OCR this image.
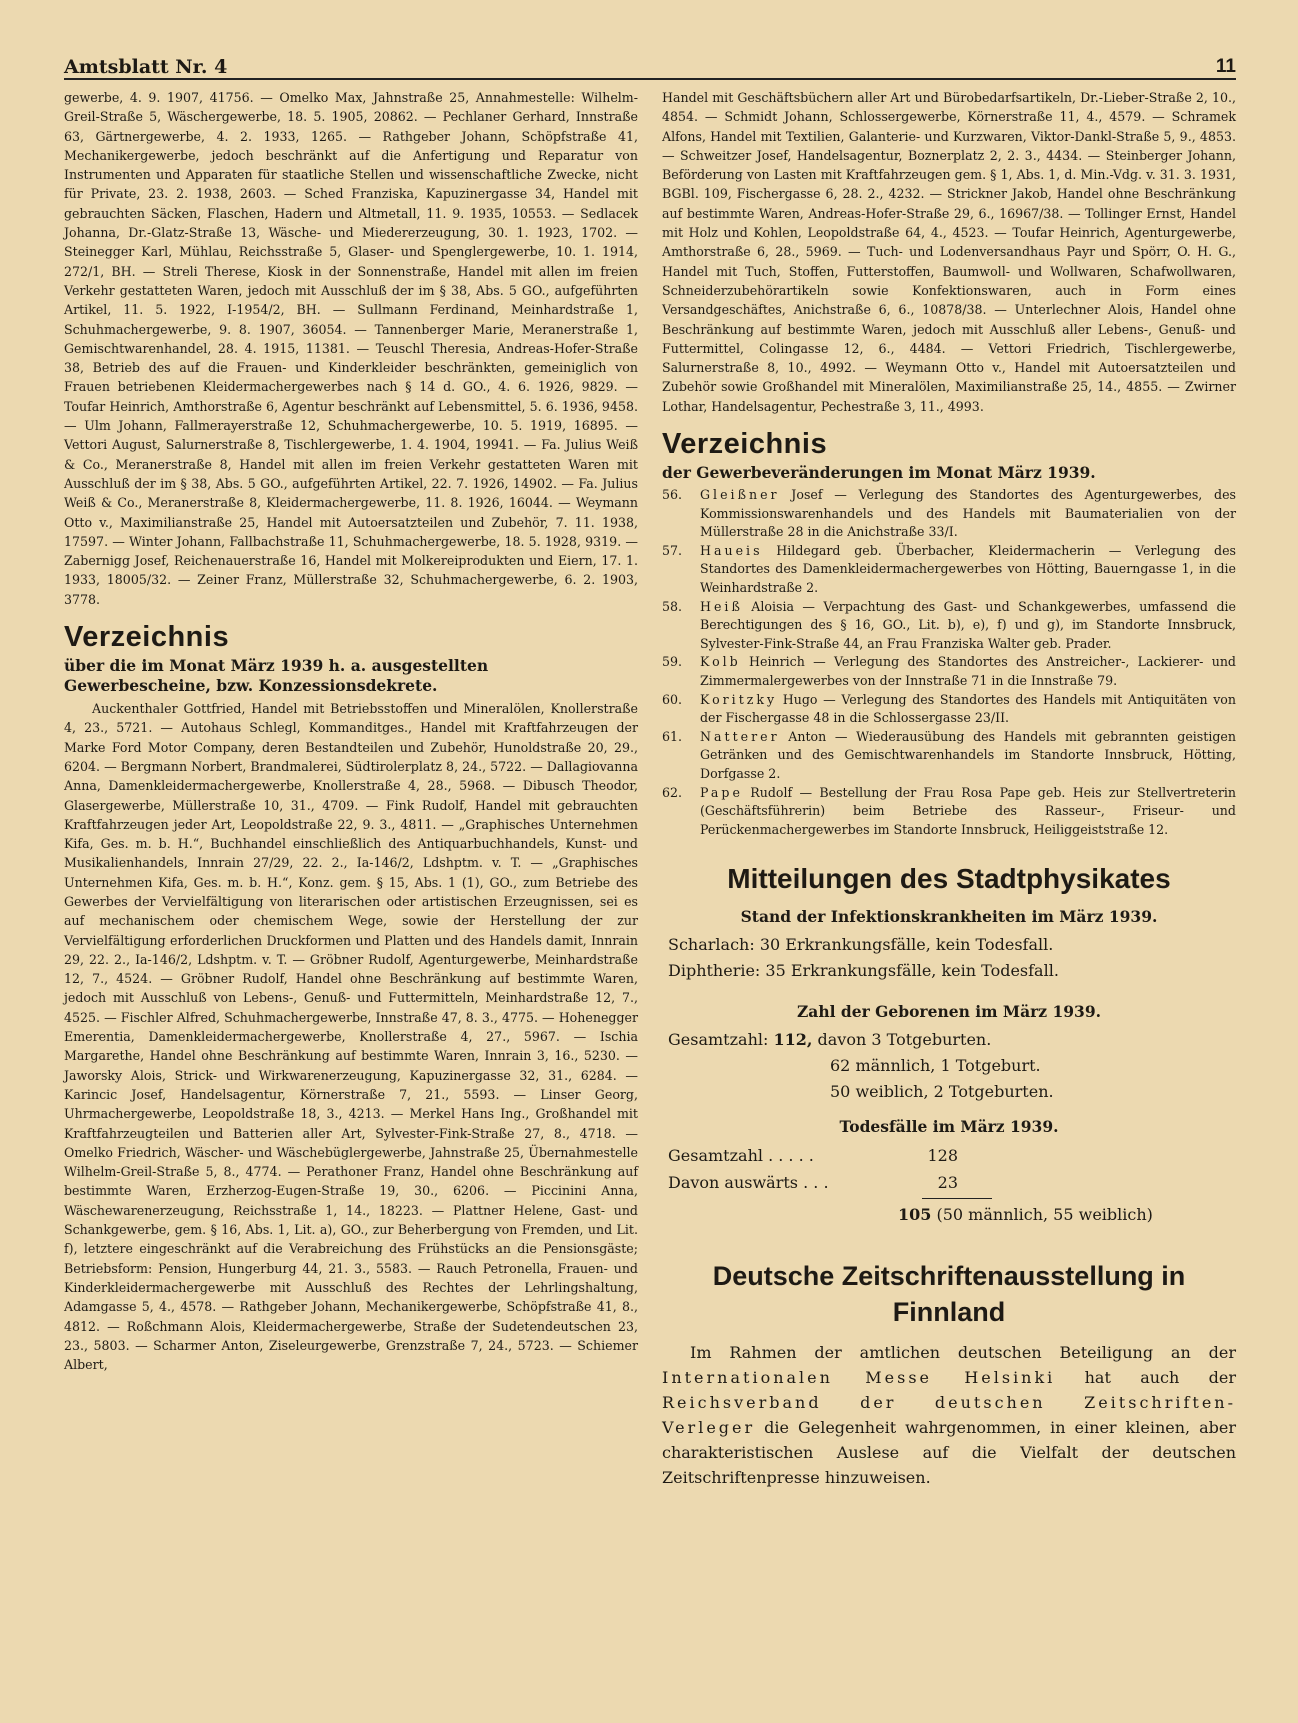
Amtsblatt Nr. 4	11

gewerbe, 4. 9. 1907, 41756. — Omelko Max, Jahnstraße 25, Annahmestelle: Wilhelm-Greil-Straße 5, Wäschergewerbe, 18. 5. 1905, 20862. — Pechlaner Gerhard, Innstraße 63, Gärtnergewerbe, 4. 2. 1933, 1265. — Rathgeber Johann, Schöpfstraße 41, Mechanikergewerbe, jedoch beschränkt auf die Anfertigung und Reparatur von Instrumenten und Apparaten für staatliche Stellen und wissenschaftliche Zwecke, nicht für Private, 23. 2. 1938, 2603. — Sched Franziska, Kapuzinergasse 34, Handel mit gebrauchten Säcken, Flaschen, Hadern und Altmetall, 11. 9. 1935, 10553. — Sedlacek Johanna, Dr.-Glatz-Straße 13, Wäsche- und Miedererzeugung, 30. 1. 1923, 1702. — Steinegger Karl, Mühlau, Reichsstraße 5, Glaser- und Spenglergewerbe, 10. 1. 1914, 272/1, BH. — Streli Therese, Kiosk in der Sonnenstraße, Handel mit allen im freien Verkehr gestatteten Waren, jedoch mit Ausschluß der im § 38, Abs. 5 GO., aufgeführten Artikel, 11. 5. 1922, I-1954/2, BH. — Sullmann Ferdinand, Meinhardstraße 1, Schuhmachergewerbe, 9. 8. 1907, 36054. — Tannenberger Marie, Meranerstraße 1, Gemischtwarenhandel, 28. 4. 1915, 11381. — Teuschl Theresia, Andreas-Hofer-Straße 38, Betrieb des auf die Frauen- und Kinderkleider beschränkten, gemeiniglich von Frauen betriebenen Kleidermachergewerbes nach § 14 d. GO., 4. 6. 1926, 9829. — Toufar Heinrich, Amthorstraße 6, Agentur beschränkt auf Lebensmittel, 5. 6. 1936, 9458. — Ulm Johann, Fallmerayerstraße 12, Schuhmachergewerbe, 10. 5. 1919, 16895. — Vettori August, Salurnerstraße 8, Tischlergewerbe, 1. 4. 1904, 19941. — Fa. Julius Weiß & Co., Meranerstraße 8, Handel mit allen im freien Verkehr gestatteten Waren mit Ausschluß der im § 38, Abs. 5 GO., aufgeführten Artikel, 22. 7. 1926, 14902. — Fa. Julius Weiß & Co., Meranerstraße 8, Kleidermachergewerbe, 11. 8. 1926, 16044. — Weymann Otto v., Maximilianstraße 25, Handel mit Autoersatzteilen und Zubehör, 7. 11. 1938, 17597. — Winter Johann, Fallbachstraße 11, Schuhmachergewerbe, 18. 5. 1928, 9319. — Zabernigg Josef, Reichenauerstraße 16, Handel mit Molkereiprodukten und Eiern, 17. 1. 1933, 18005/32. — Zeiner Franz, Müllerstraße 32, Schuhmachergewerbe, 6. 2. 1903, 3778.

Verzeichnis
über die im Monat März 1939 h. a. ausgestellten Gewerbescheine, bzw. Konzessionsdekrete.

Auckenthaler Gottfried, Handel mit Betriebsstoffen und Mineralölen, Knollerstraße 4, 23., 5721. — Autohaus Schlegl, Kommanditges., Handel mit Kraftfahrzeugen der Marke Ford Motor Company, deren Bestandteilen und Zubehör, Hunoldstraße 20, 29., 6204. — Bergmann Norbert, Brandmalerei, Südtirolerplatz 8, 24., 5722. — Dallagiovanna Anna, Damenkleidermachergewerbe, Knollerstraße 4, 28., 5968. — Dibusch Theodor, Glasergewerbe, Müllerstraße 10, 31., 4709. — Fink Rudolf, Handel mit gebrauchten Kraftfahrzeugen jeder Art, Leopoldstraße 22, 9. 3., 4811. — „Graphisches Unternehmen Kifa, Ges. m. b. H.“, Buchhandel einschließlich des Antiquarbuchhandels, Kunst- und Musikalienhandels, Innrain 27/29, 22. 2., Ia-146/2, Ldshptm. v. T. — „Graphisches Unternehmen Kifa, Ges. m. b. H.“, Konz. gem. § 15, Abs. 1 (1), GO., zum Betriebe des Gewerbes der Vervielfältigung von literarischen oder artistischen Erzeugnissen, sei es auf mechanischem oder chemischem Wege, sowie der Herstellung der zur Vervielfältigung erforderlichen Druckformen und Platten und des Handels damit, Innrain 29, 22. 2., Ia-146/2, Ldshptm. v. T. — Gröbner Rudolf, Agenturgewerbe, Meinhardstraße 12, 7., 4524. — Gröbner Rudolf, Handel ohne Beschränkung auf bestimmte Waren, jedoch mit Ausschluß von Lebens-, Genuß- und Futtermitteln, Meinhardstraße 12, 7., 4525. — Fischler Alfred, Schuhmachergewerbe, Innstraße 47, 8. 3., 4775. — Hohenegger Emerentia, Damenkleidermachergewerbe, Knollerstraße 4, 27., 5967. — Ischia Margarethe, Handel ohne Beschränkung auf bestimmte Waren, Innrain 3, 16., 5230. — Jaworsky Alois, Strick- und Wirkwarenerzeugung, Kapuzinergasse 32, 31., 6284. — Karincic Josef, Handelsagentur, Körnerstraße 7, 21., 5593. — Linser Georg, Uhrmachergewerbe, Leopoldstraße 18, 3., 4213. — Merkel Hans Ing., Großhandel mit Kraftfahrzeugteilen und Batterien aller Art, Sylvester-Fink-Straße 27, 8., 4718. — Omelko Friedrich, Wäscher- und Wäschebüglergewerbe, Jahnstraße 25, Übernahmestelle Wilhelm-Greil-Straße 5, 8., 4774. — Perathoner Franz, Handel ohne Beschränkung auf bestimmte Waren, Erzherzog-Eugen-Straße 19, 30., 6206. — Piccinini Anna, Wäschewarenerzeugung, Reichsstraße 1, 14., 18223. — Plattner Helene, Gast- und Schankgewerbe, gem. § 16, Abs. 1, Lit. a), GO., zur Beherbergung von Fremden, und Lit. f), letztere eingeschränkt auf die Verabreichung des Frühstücks an die Pensionsgäste; Betriebsform: Pension, Hungerburg 44, 21. 3., 5583. — Rauch Petronella, Frauen- und Kinderkleidermachergewerbe mit Ausschluß des Rechtes der Lehrlingshaltung, Adamgasse 5, 4., 4578. — Rathgeber Johann, Mechanikergewerbe, Schöpfstraße 41, 8., 4812. — Roßchmann Alois, Kleidermachergewerbe, Straße der Sudetendeutschen 23, 23., 5803. — Scharmer Anton, Ziseleurgewerbe, Grenzstraße 7, 24., 5723. — Schiemer Albert,

Handel mit Geschäftsbüchern aller Art und Bürobedarfsartikeln, Dr.-Lieber-Straße 2, 10., 4854. — Schmidt Johann, Schlossergewerbe, Körnerstraße 11, 4., 4579. — Schramek Alfons, Handel mit Textilien, Galanterie- und Kurzwaren, Viktor-Dankl-Straße 5, 9., 4853. — Schweitzer Josef, Handelsagentur, Boznerplatz 2, 2. 3., 4434. — Steinberger Johann, Beförderung von Lasten mit Kraftfahrzeugen gem. § 1, Abs. 1, d. Min.-Vdg. v. 31. 3. 1931, BGBl. 109, Fischergasse 6, 28. 2., 4232. — Strickner Jakob, Handel ohne Beschränkung auf bestimmte Waren, Andreas-Hofer-Straße 29, 6., 16967/38. — Tollinger Ernst, Handel mit Holz und Kohlen, Leopoldstraße 64, 4., 4523. — Toufar Heinrich, Agenturgewerbe, Amthorstraße 6, 28., 5969. — Tuch- und Lodenversandhaus Payr und Spörr, O. H. G., Handel mit Tuch, Stoffen, Futterstoffen, Baumwoll- und Wollwaren, Schafwollwaren, Schneiderzubehörartikeln sowie Konfektionswaren, auch in Form eines Versandgeschäftes, Anichstraße 6, 6., 10878/38. — Unterlechner Alois, Handel ohne Beschränkung auf bestimmte Waren, jedoch mit Ausschluß aller Lebens-, Genuß- und Futtermittel, Colingasse 12, 6., 4484. — Vettori Friedrich, Tischlergewerbe, Salurnerstraße 8, 10., 4992. — Weymann Otto v., Handel mit Autoersatzteilen und Zubehör sowie Großhandel mit Mineralölen, Maximilianstraße 25, 14., 4855. — Zwirner Lothar, Handelsagentur, Pechestraße 3, 11., 4993.

Verzeichnis
der Gewerbeveränderungen im Monat März 1939.
56.	Gleißner Josef — Verlegung des Standortes des Agenturgewerbes, des Kommissionswarenhandels und des Handels mit Baumaterialien von der Müllerstraße 28 in die Anichstraße 33/I.
57.	Haueis Hildegard geb. Überbacher, Kleidermacherin — Verlegung des Standortes des Damenkleidermachergewerbes von Hötting, Bauerngasse 1, in die Weinhardstraße 2.
58.	Heiß Aloisia — Verpachtung des Gast- und Schankgewerbes, umfassend die Berechtigungen des § 16, GO., Lit. b), e), f) und g), im Standorte Innsbruck, Sylvester-Fink-Straße 44, an Frau Franziska Walter geb. Prader.
59.	Kolb Heinrich — Verlegung des Standortes des Anstreicher-, Lackierer- und Zimmermalergewerbes von der Innstraße 71 in die Innstraße 79.
60.	Koritzky Hugo — Verlegung des Standortes des Handels mit Antiquitäten von der Fischergasse 48 in die Schlossergasse 23/II.
61.	Natterer Anton — Wiederausübung des Handels mit gebrannten geistigen Getränken und des Gemischtwarenhandels im Standorte Innsbruck, Hötting, Dorfgasse 2.
62.	Pape Rudolf — Bestellung der Frau Rosa Pape geb. Heis zur Stellvertreterin (Geschäftsführerin) beim Betriebe des Rasseur-, Friseur- und Perückenmachergewerbes im Standorte Innsbruck, Heiliggeiststraße 12.
Mitteilungen des Stadtphysikates
Stand der Infektionskrankheiten im März 1939.

Scharlach: 30 Erkrankungsfälle, kein Todesfall.

Diphtherie: 35 Erkrankungsfälle, kein Todesfall.

Zahl der Geborenen im März 1939.

Gesamtzahl: 112, davon 3 Totgeburten.

62 männlich, 1 Totgeburt.

50 weiblich, 2 Totgeburten.

Todesfälle im März 1939.
Gesamtzahl . . . . .	128
Davon auswärts . . .	23
105 (50 männlich, 55 weiblich)
Deutsche Zeitschriftenausstellung in Finnland

Im Rahmen der amtlichen deutschen Beteiligung an der Internationalen Messe Helsinki hat auch der Reichsverband der deutschen Zeitschriften-Verleger die Gelegenheit wahrgenommen, in einer kleinen, aber charakteristischen Auslese auf die Vielfalt der deutschen Zeitschriftenpresse hinzuweisen.
